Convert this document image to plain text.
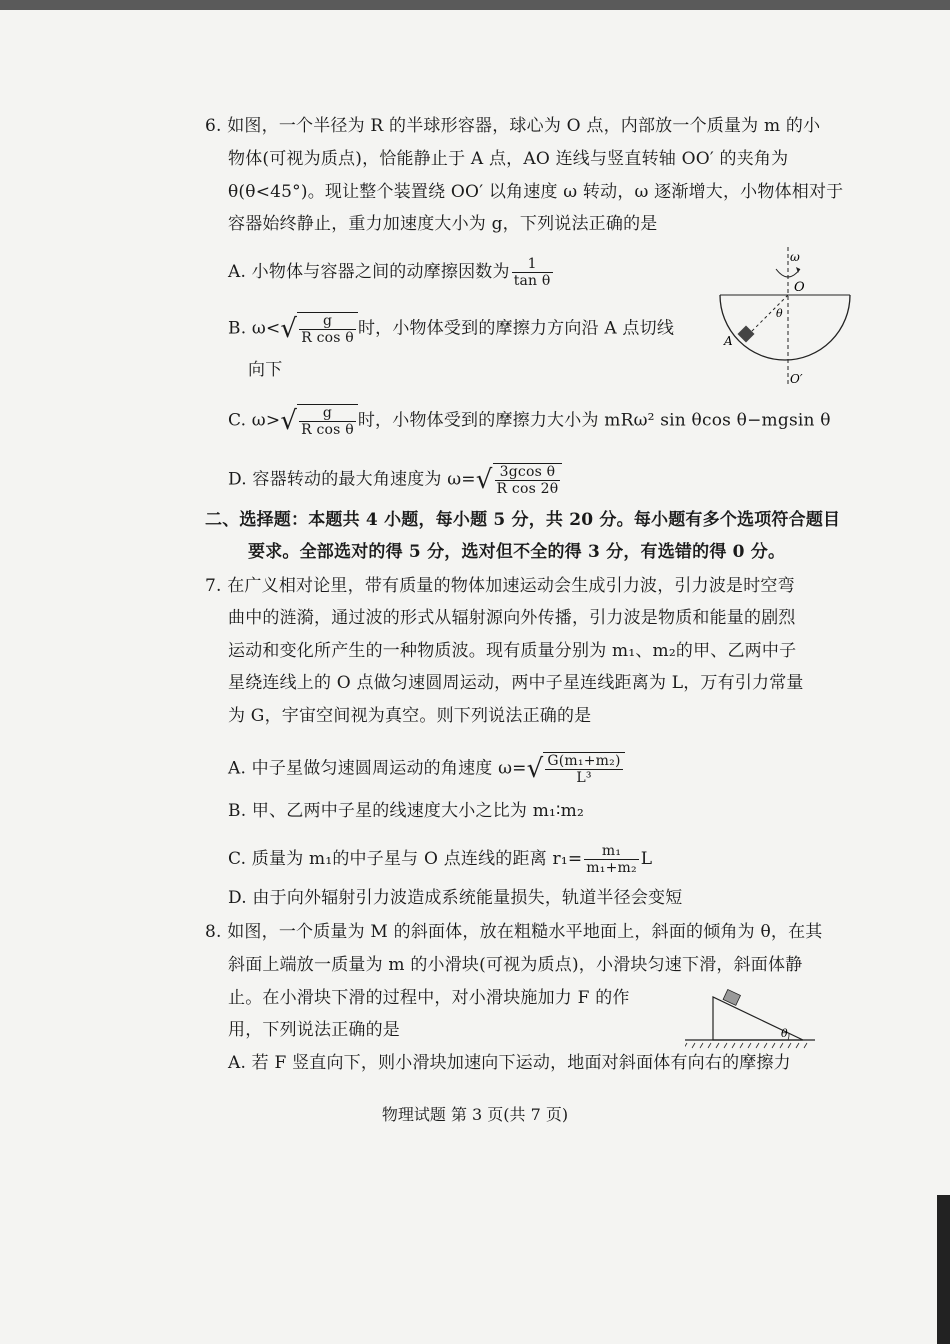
6. 如图，一个半径为 R 的半球形容器，球心为 O 点，内部放一个质量为 m 的小
物体(可视为质点)，恰能静止于 A 点，AO 连线与竖直转轴 OO′ 的夹角为
θ(θ<45°)。现让整个装置绕 OO′ 以角速度 ω 转动，ω 逐渐增大，小物体相对于
容器始终静止，重力加速度大小为 g，下列说法正确的是
A. 小物体与容器之间的动摩擦因数为 $\frac{1}{\text{tan θ}}$
B. $\omega<√ \frac{g}{\text{R cos θ}}$ 时，小物体受到的摩擦力方向沿 A 点切线
向下
C. $\omega>√ \frac{g}{\text{R cos θ}}$ 时，小物体受到的摩擦力大小为 mRω² sin θcos θ−mgsin θ
D. 容器转动的最大角速度为 $\omega=√ \frac{\text{3gcos θ}}{\text{R cos 2θ}}$
ω
O
θ
A
O′
二、选择题：本题共 4 小题，每小题 5 分，共 20 分。每小题有多个选项符合题目
要求。全部选对的得 5 分，选对但不全的得 3 分，有选错的得 0 分。
7. 在广义相对论里，带有质量的物体加速运动会生成引力波，引力波是时空弯
曲中的涟漪，通过波的形式从辐射源向外传播，引力波是物质和能量的剧烈
运动和变化所产生的一种物质波。现有质量分别为 m₁、m₂的甲、乙两中子
星绕连线上的 O 点做匀速圆周运动，两中子星连线距离为 L，万有引力常量
为 G，宇宙空间视为真空。则下列说法正确的是
A. 中子星做匀速圆周运动的角速度 $\omega=√ \frac{\text{G(m₁+m₂)}}{\text{L³}}$
B. 甲、乙两中子星的线速度大小之比为 m₁∶m₂
C. 质量为 m₁的中子星与 O 点连线的距离 $r_1= \frac{\text{m₁}}{\text{m₁+m₂}}$ L
D. 由于向外辐射引力波造成系统能量损失，轨道半径会变短
8. 如图，一个质量为 M 的斜面体，放在粗糙水平地面上，斜面的倾角为 θ，在其
斜面上端放一质量为 m 的小滑块(可视为质点)，小滑块匀速下滑，斜面体静
止。在小滑块下滑的过程中，对小滑块施加力 F 的作
用，下列说法正确的是
A. 若 F 竖直向下，则小滑块加速向下运动，地面对斜面体有向右的摩擦力
θ
物理试题 第 3 页(共 7 页)
